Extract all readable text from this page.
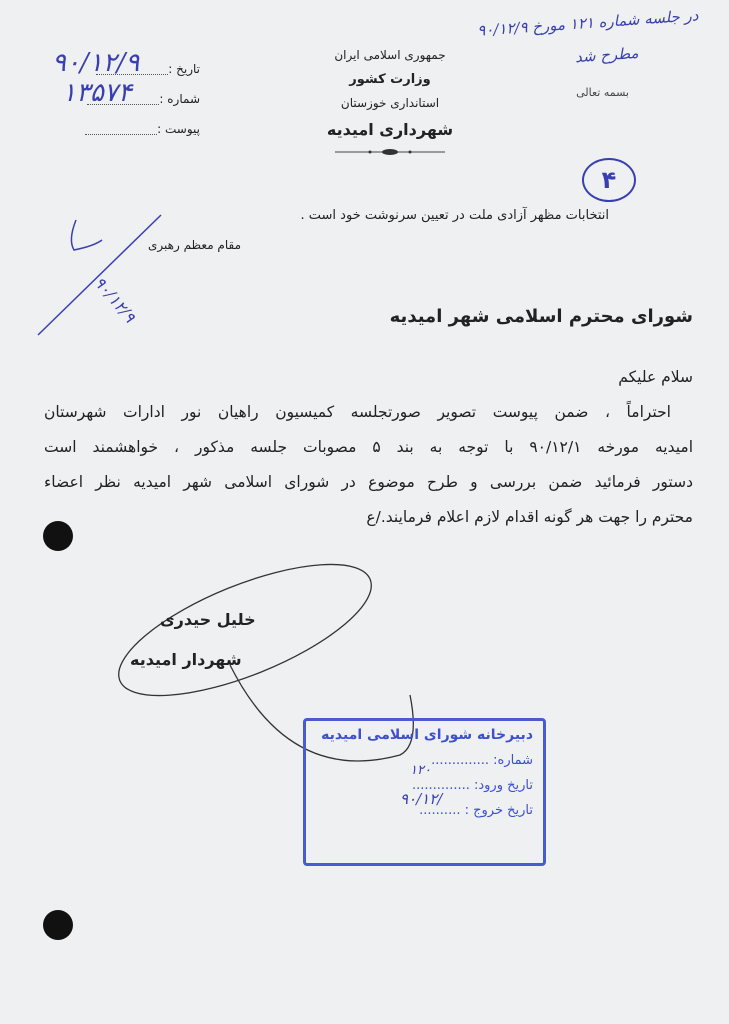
جمهوری اسلامی ایران
وزارت کشور
استانداری خوزستان
شهرداری امیدیه
تاریخ :
شماره :
پیوست :
۹۰/۱۲/۹
۱۳۵۷۴
در جلسه شماره ۱۲۱ مورخ ۹۰/۱۲/۹
مطرح شد
بسمه تعالی
۴
۹۰/۱۲/۹
انتخابات مظهر آزادی ملت در تعیین سرنوشت خود است .
مقام معظم رهبری
شورای محترم اسلامی شهر امیدیه

سلام علیکم

احتراماً ، ضمن پیوست تصویر صورتجلسه کمیسیون راهیان نور ادارات شهرستان

امیدیه مورخه ۹۰/۱۲/۱ با توجه به بند ۵ مصوبات جلسه مذکور ، خواهشمند است

دستور فرمائید ضمن بررسی و طرح موضوع در شورای اسلامی شهر امیدیه نظر اعضاء

محترم را جهت هر گونه اقدام لازم اعلام فرمایند./ع

خلیل حیدری
شهردار امیدیه
دبیرخانه شورای اسلامی امیدیه
شماره: ..............
تاریخ ورود: ..............
تاریخ خروج : ..........
۱۲۰
۹۰/۱۲/
